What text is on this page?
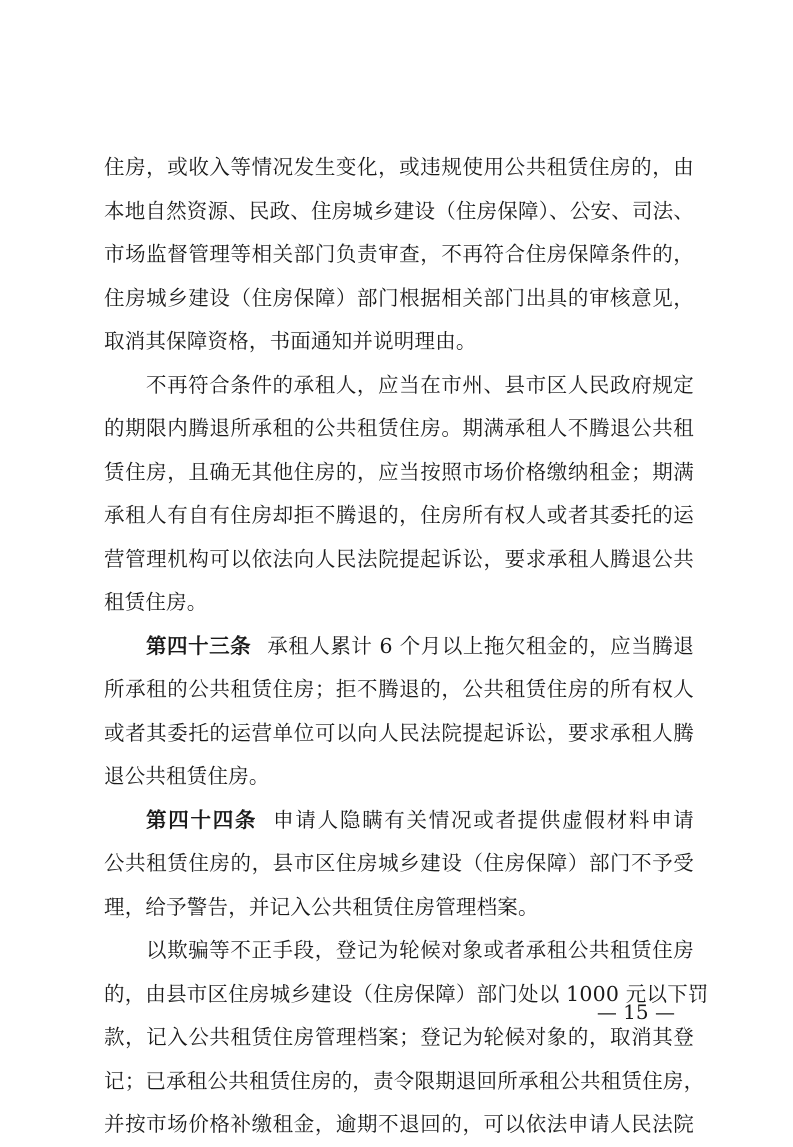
住房，或收入等情况发生变化，或违规使用公共租赁住房的，由
本地自然资源、民政、住房城乡建设（住房保障）、公安、司法、
市场监督管理等相关部门负责审查，不再符合住房保障条件的，
住房城乡建设（住房保障）部门根据相关部门出具的审核意见，
取消其保障资格，书面通知并说明理由。
不再符合条件的承租人，应当在市州、县市区人民政府规定
的期限内腾退所承租的公共租赁住房。期满承租人不腾退公共租
赁住房，且确无其他住房的，应当按照市场价格缴纳租金；期满
承租人有自有住房却拒不腾退的，住房所有权人或者其委托的运
营管理机构可以依法向人民法院提起诉讼，要求承租人腾退公共
租赁住房。
第四十三条 承租人累计 6 个月以上拖欠租金的，应当腾退
所承租的公共租赁住房；拒不腾退的，公共租赁住房的所有权人
或者其委托的运营单位可以向人民法院提起诉讼，要求承租人腾
退公共租赁住房。
第四十四条 申请人隐瞒有关情况或者提供虚假材料申请
公共租赁住房的，县市区住房城乡建设（住房保障）部门不予受
理，给予警告，并记入公共租赁住房管理档案。
以欺骗等不正手段，登记为轮候对象或者承租公共租赁住房
的，由县市区住房城乡建设（住房保障）部门处以 1000 元以下罚
款，记入公共租赁住房管理档案；登记为轮候对象的，取消其登
记；已承租公共租赁住房的，责令限期退回所承租公共租赁住房，
并按市场价格补缴租金，逾期不退回的，可以依法申请人民法院
— 15 —
